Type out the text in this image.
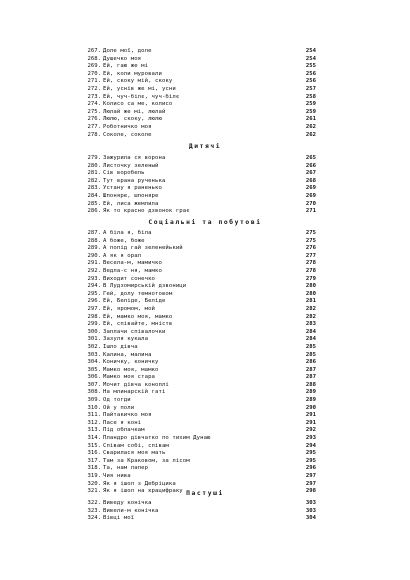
267. Доле мої, доле	254
268. Душечко моя	254
269. Ей, гаю же мі	255
270. Ей, коли муровали	256
271. Ей, скоку мій, скоку	256
272. Ей, уснів же мі, усни	257
273. Ей, чуч-білє, чуч-білє	258
274. Колисо са ме, колисо	259
275. Люлай же мі, люлай	259
276. Люлю, скоку, люлю	261
277. Роботничко моя	262
278. Соколе, соколе	262
Дитячі
279. Зажурила ся ворона	265
280. Листочку зеленый	266
281. Сів воробель	267
282. Тут врана рученька	268
283. Устану я раненько	269
284. Шпоняре, шпоняре	269
285. Ей, лиса жемлила	270
286. Як то красно дзвонок грає	271
Соціальні та побутові
287. А біла я, біла	275
288. А боже, боже	275
289. А попід гай зеленейький	276
290. А як я орал	277
291. Весела-м, мамичко	278
292. Ведла-с ня, мамко	278
293. Виходит сонечко	279
294. В Лудзомирській дзвоници	280
295. Гей, долу темнотовом	280
296. Ей, Беліде, Беліде	281
297. Ей, яромом, мой	282
298. Ей, мамко моя, мамко	282
299. Ей, співайте, мніств	283
300. Заплачи співалочки	284
301. Зазуля кукала	284
302. Ішло дівча	285
303. Калина, малина	285
304. Коничку, коничку	286
305. Мамко моя, мамко	287
306. Мамко моя стара	287
307. Мочит дівча коноплі	288
308. На млинарскій гаті	289
309. Од тогди	289
310. Ой у поли	290
311. Пайтакичко моя	291
312. Пасе я коні	291
313. Під облачкам	292
314. Пландро дівчатко по тихим Дунаю	293
315. Співам собі, співам	294
316. Сварилася моя мать	295
317. Там за Краковом, за лісом	295
318. Та, нам лапер	296
319. Чия нива	297
320. Як я ішол з Дебрiцика	297
321. Як я ішол на крацифраку	298
Пастуші
322. Виведу конічка	303
323. Вивели-м конічка	303
324. Вівці мої	304
